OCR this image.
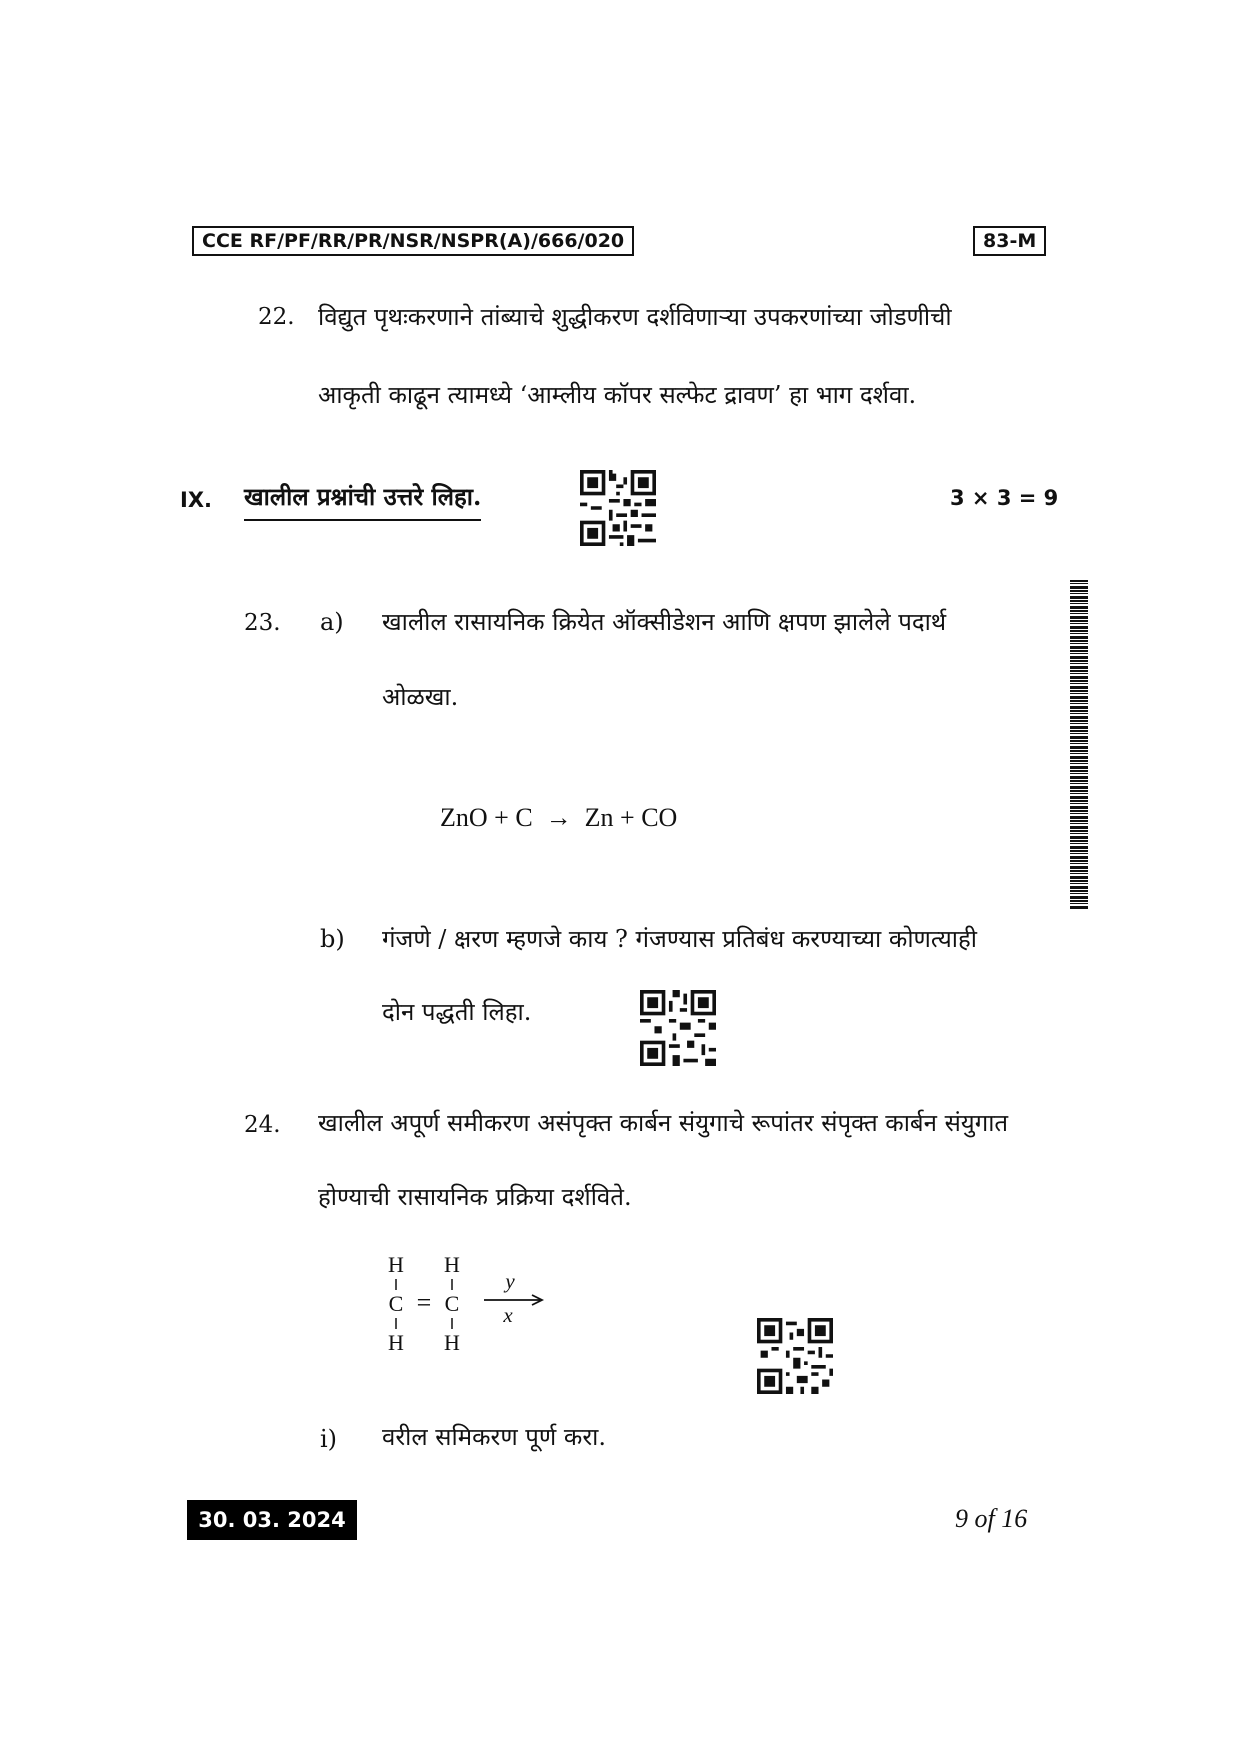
CCE RF/PF/RR/PR/NSR/NSPR(A)/666/020	83-M
22. विद्युत पृथःकरणाने तांब्याचे शुद्धीकरण दर्शविणाऱ्या उपकरणांच्या जोडणीची
आकृती काढून त्यामध्ये ‘आम्लीय कॉपर सल्फेट द्रावण’ हा भाग दर्शवा.
IX. खालील प्रश्नांची उत्तरे लिहा.	3 × 3 = 9
23. a) खालील रासायनिक क्रियेत ऑक्सीडेशन आणि क्षपण झालेले पदार्थ
ओळखा.
ZnO + C  →  Zn + CO
b) गंजणे / क्षरण म्हणजे काय ? गंजण्यास प्रतिबंध करण्याच्या कोणत्याही
दोन पद्धती लिहा.
24. खालील अपूर्ण समीकरण असंपृक्त कार्बन संयुगाचे रूपांतर संपृक्त कार्बन संयुगात
होण्याची रासायनिक प्रक्रिया दर्शविते.
H H
C = C
H H
y
x
i) वरील समिकरण पूर्ण करा.
30. 03. 2024	9 of 16
